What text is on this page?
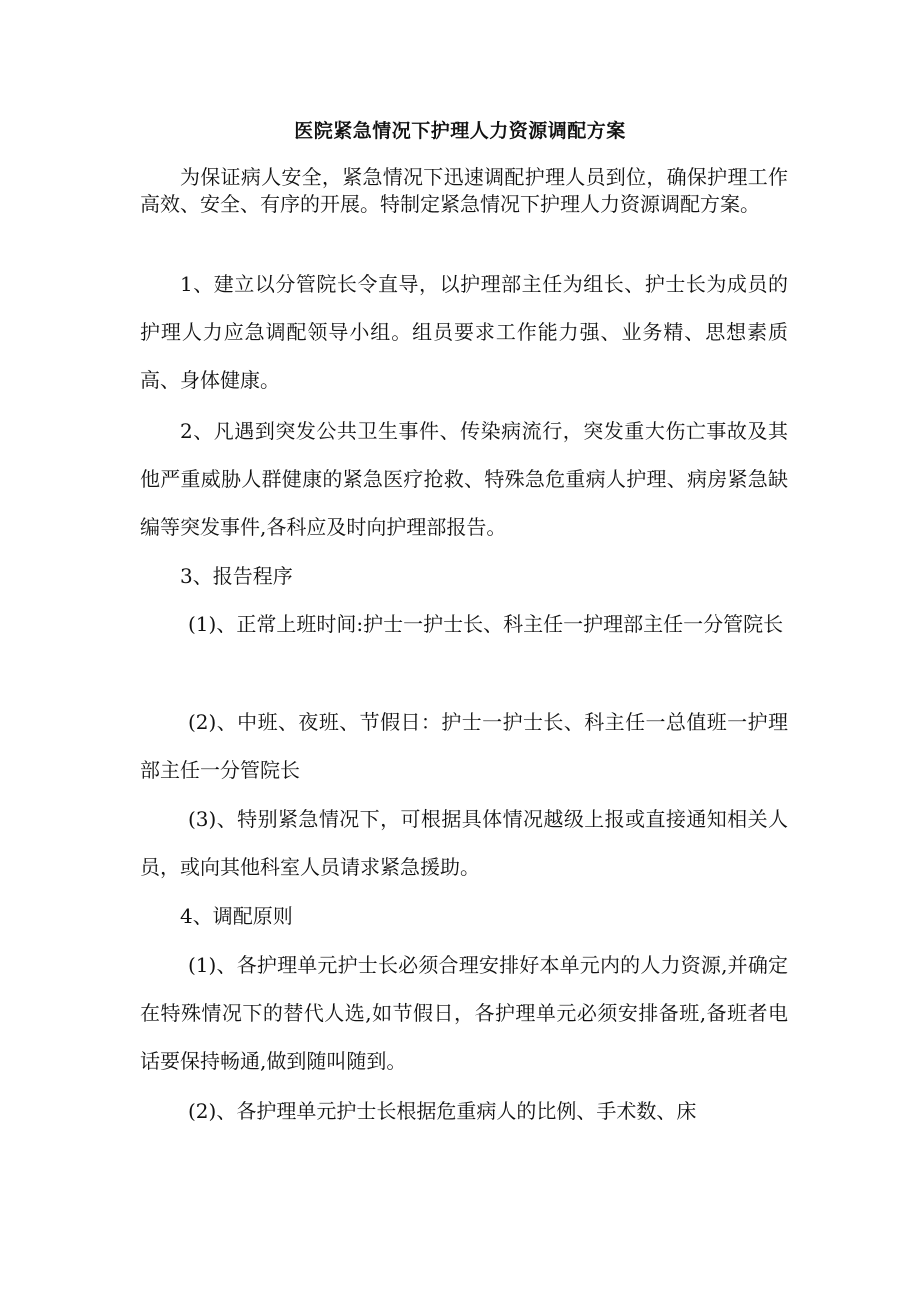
医院紧急情况下护理人力资源调配方案

为保证病人安全，紧急情况下迅速调配护理人员到位，确保护理工作高效、安全、有序的开展。特制定紧急情况下护理人力资源调配方案。

1、建立以分管院长令直导，以护理部主任为组长、护士长为成员的护理人力应急调配领导小组。组员要求工作能力强、业务精、思想素质高、身体健康。

2、凡遇到突发公共卫生事件、传染病流行，突发重大伤亡事故及其他严重威胁人群健康的紧急医疗抢救、特殊急危重病人护理、病房紧急缺编等突发事件,各科应及时向护理部报告。

3、报告程序

(1)、正常上班时间:护士一护士长、科主任一护理部主任一分管院长

(2)、中班、夜班、节假日：护士一护士长、科主任一总值班一护理部主任一分管院长

(3)、特别紧急情况下，可根据具体情况越级上报或直接通知相关人员，或向其他科室人员请求紧急援助。

4、调配原则

(1)、各护理单元护士长必须合理安排好本单元内的人力资源,并确定在特殊情况下的替代人选,如节假日，各护理单元必须安排备班,备班者电话要保持畅通,做到随叫随到。

(2)、各护理单元护士长根据危重病人的比例、手术数、床
